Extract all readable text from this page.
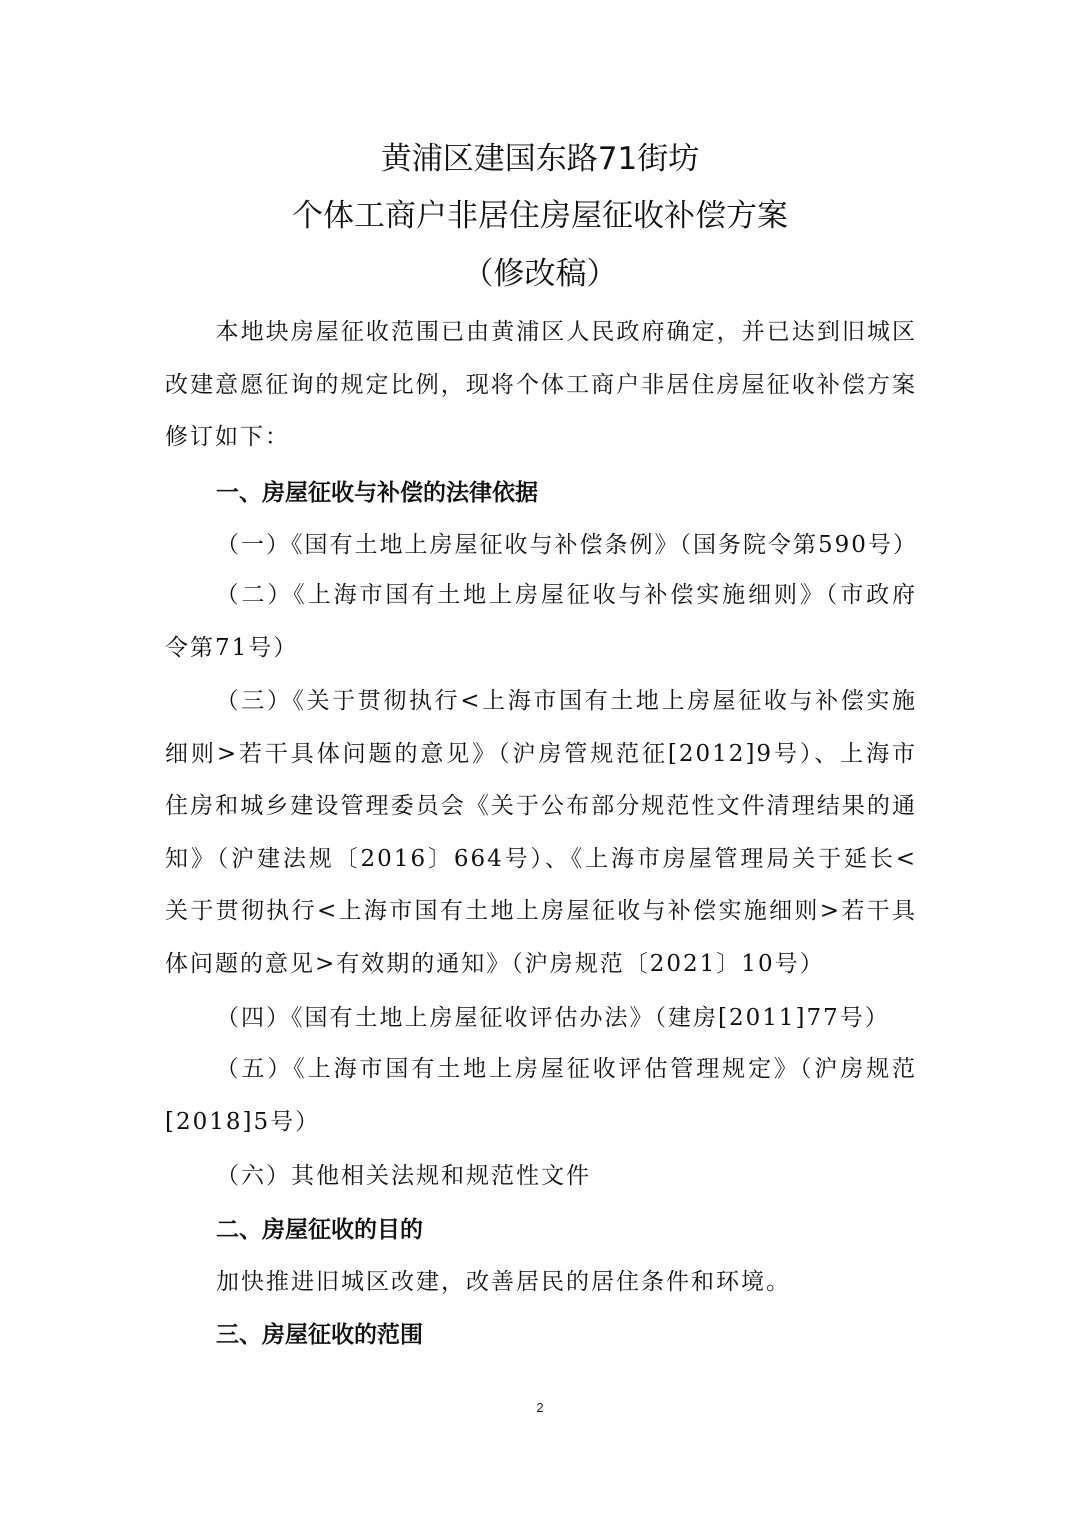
黄浦区建国东路71街坊
个体工商户非居住房屋征收补偿方案
（修改稿）

本地块房屋征收范围已由黄浦区人民政府确定，并已达到旧城区改建意愿征询的规定比例，现将个体工商户非居住房屋征收补偿方案修订如下：

一、房屋征收与补偿的法律依据
（一）《国有土地上房屋征收与补偿条例》（国务院令第590号）

（二）《上海市国有土地上房屋征收与补偿实施细则》（市政府令第71号）

（三）《关于贯彻执行<上海市国有土地上房屋征收与补偿实施细则>若干具体问题的意见》（沪房管规范征[2012]9号）、上海市住房和城乡建设管理委员会《关于公布部分规范性文件清理结果的通知》（沪建法规〔2016〕664号）、《上海市房屋管理局关于延长<关于贯彻执行<上海市国有土地上房屋征收与补偿实施细则>若干具体问题的意见>有效期的通知》（沪房规范〔2021〕10号）

（四）《国有土地上房屋征收评估办法》（建房[2011]77号）

（五）《上海市国有土地上房屋征收评估管理规定》（沪房规范[2018]5号）

（六）其他相关法规和规范性文件
二、房屋征收的目的
加快推进旧城区改建，改善居民的居住条件和环境。
三、房屋征收的范围
2
